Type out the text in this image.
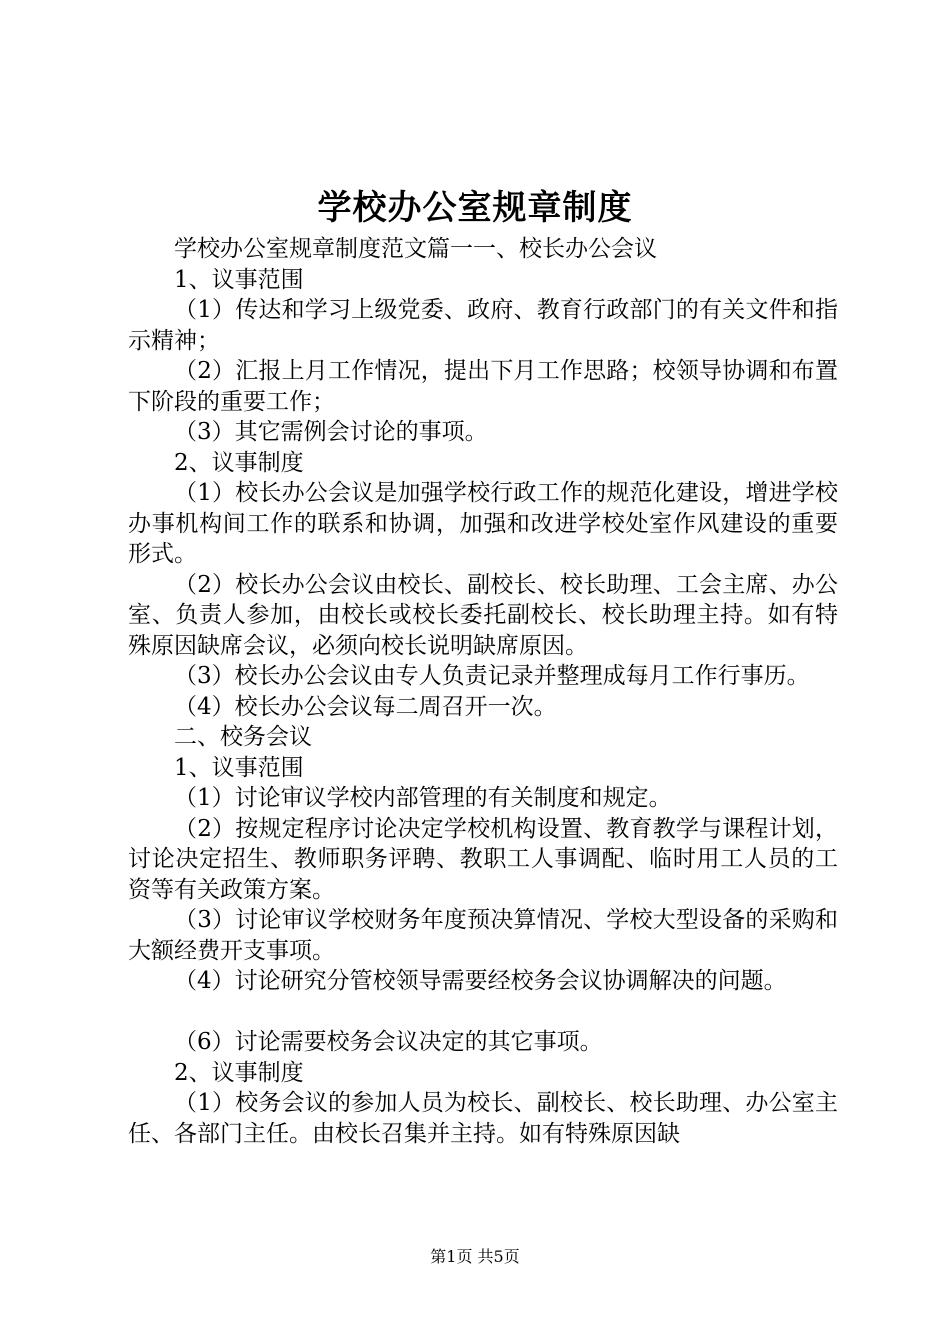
学校办公室规章制度

学校办公室规章制度范文篇一一、校长办公会议

1、议事范围

（1）传达和学习上级党委、政府、教育行政部门的有关文件和指示精神；

（2）汇报上月工作情况，提出下月工作思路；校领导协调和布置下阶段的重要工作；

（3）其它需例会讨论的事项。

2、议事制度

（1）校长办公会议是加强学校行政工作的规范化建设，增进学校办事机构间工作的联系和协调，加强和改进学校处室作风建设的重要形式。

（2）校长办公会议由校长、副校长、校长助理、工会主席、办公室、负责人参加，由校长或校长委托副校长、校长助理主持。如有特殊原因缺席会议，必须向校长说明缺席原因。

（3）校长办公会议由专人负责记录并整理成每月工作行事历。

（4）校长办公会议每二周召开一次。

二、校务会议

1、议事范围

（1）讨论审议学校内部管理的有关制度和规定。

（2）按规定程序讨论决定学校机构设置、教育教学与课程计划，讨论决定招生、教师职务评聘、教职工人事调配、临时用工人员的工资等有关政策方案。

（3）讨论审议学校财务年度预决算情况、学校大型设备的采购和大额经费开支事项。

（4）讨论研究分管校领导需要经校务会议协调解决的问题。

（6）讨论需要校务会议决定的其它事项。

2、议事制度

（1）校务会议的参加人员为校长、副校长、校长助理、办公室主任、各部门主任。由校长召集并主持。如有特殊原因缺

第1页 共5页
